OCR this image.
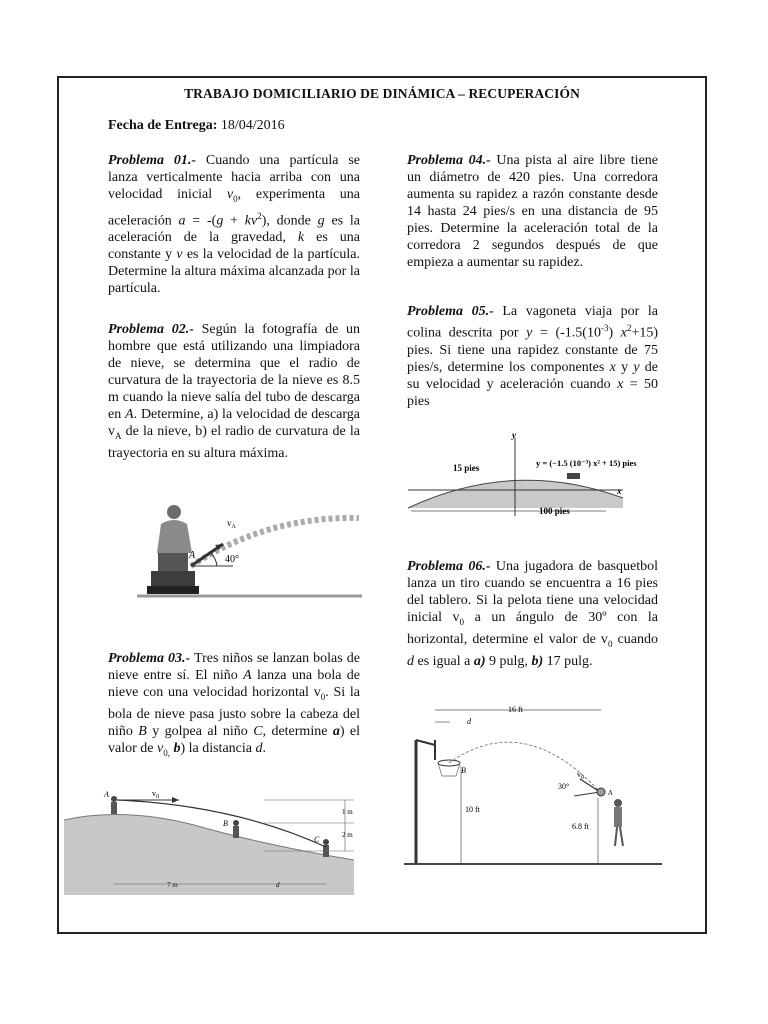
TRABAJO DOMICILIARIO DE DINÁMICA – RECUPERACIÓN
Fecha de Entrega: 18/04/2016
Problema 01.- Cuando una partícula se lanza verticalmente hacia arriba con una velocidad inicial $v_0$, experimenta una aceleración $a = -(g + kv^2)$, donde g es la aceleración de la gravedad, k es una constante y v es la velocidad de la partícula. Determine la altura máxima alcanzada por la partícula.
Problema 02.- Según la fotografía de un hombre que está utilizando una limpiadora de nieve, se determina que el radio de curvatura de la trayectoria de la nieve es 8.5 m cuando la nieve salía del tubo de descarga en A. Determine, a) la velocidad de descarga $v_A$ de la nieve, b) el radio de curvatura de la trayectoria en su altura máxima.
$v_A$
A	40°
Problema 03.- Tres niños se lanzan bolas de nieve entre sí. El niño A lanza una bola de nieve con una velocidad horizontal $v_0$. Si la bola de nieve pasa justo sobre la cabeza del niño B y golpea al niño C, determine a) el valor de $v_{0,}$ b) la distancia d.
A	$v_0$
B
C
1 m
2 m
7 m	d
Problema 04.- Una pista al aire libre tiene un diámetro de 420 pies. Una corredora aumenta su rapidez a razón constante desde 14 hasta 24 pies/s en una distancia de 95 pies. Determine la aceleración total de la corredora 2 segundos después de que empieza a aumentar su rapidez.
Problema 05.- La vagoneta viaja por la colina descrita por $y = (-1.5(10^{-3})$ $x^2+15$) pies. Si tiene una rapidez constante de 75 pies/s, determine los componentes x y y de su velocidad y aceleración cuando x = 50 pies
y
x
15 pies	y = (−1.5 (10⁻³) x² + 15) pies
100 pies
Problema 06.- Una jugadora de basquetbol lanza un tiro cuando se encuentra a 16 pies del tablero. Si la pelota tiene una velocidad inicial $v_0$ a un ángulo de 30º con la horizontal, determine el valor de $v_0$ cuando d es igual a a) 9 pulg, b) 17 pulg.
16 ft
d
B
10 ft
30°
$v_0$
A
6.8 ft
